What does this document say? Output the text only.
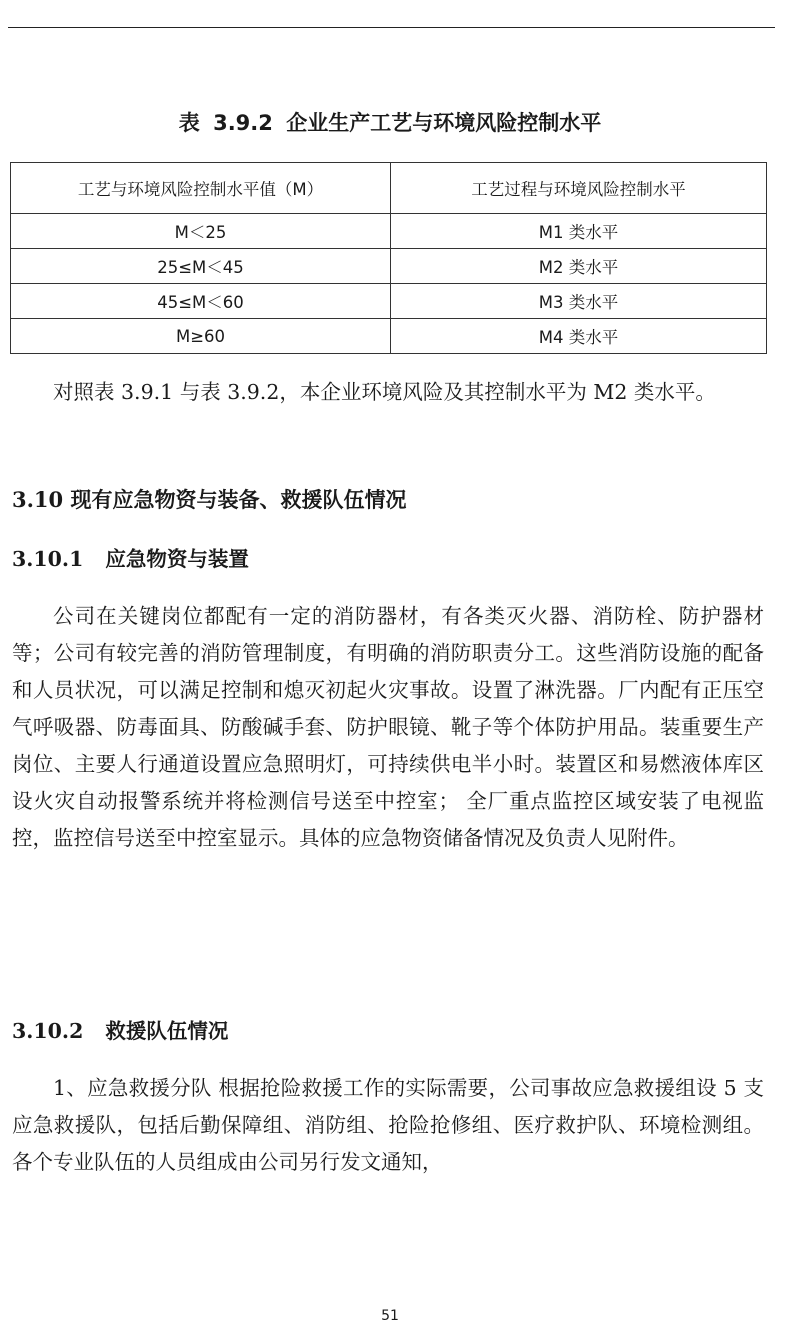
表 3.9.2 企业生产工艺与环境风险控制水平
工艺与环境风险控制水平值（M）	工艺过程与环境风险控制水平
M＜25	M1 类水平
25≤M＜45	M2 类水平
45≤M＜60	M3 类水平
M≥60	M4 类水平

对照表 3.9.1 与表 3.9.2，本企业环境风险及其控制水平为 M2 类水平。

3.10 现有应急物资与装备、救援队伍情况
3.10.1 应急物资与装置

公司在关键岗位都配有一定的消防器材，有各类灭火器、消防栓、防护器材等；公司有较完善的消防管理制度，有明确的消防职责分工。这些消防设施的配备和人员状况，可以满足控制和熄灭初起火灾事故。设置了淋洗器。厂内配有正压空气呼吸器、防毒面具、防酸碱手套、防护眼镜、靴子等个体防护用品。装重要生产岗位、主要人行通道设置应急照明灯，可持续供电半小时。装置区和易燃液体库区设火灾自动报警系统并将检测信号送至中控室； 全厂重点监控区域安装了电视监控，监控信号送至中控室显示。具体的应急物资储备情况及负责人见附件。

3.10.2 救援队伍情况

1、应急救援分队 根据抢险救援工作的实际需要，公司事故应急救援组设 5 支应急救援队，包括后勤保障组、消防组、抢险抢修组、医疗救护队、环境检测组。各个专业队伍的人员组成由公司另行发文通知，

51
